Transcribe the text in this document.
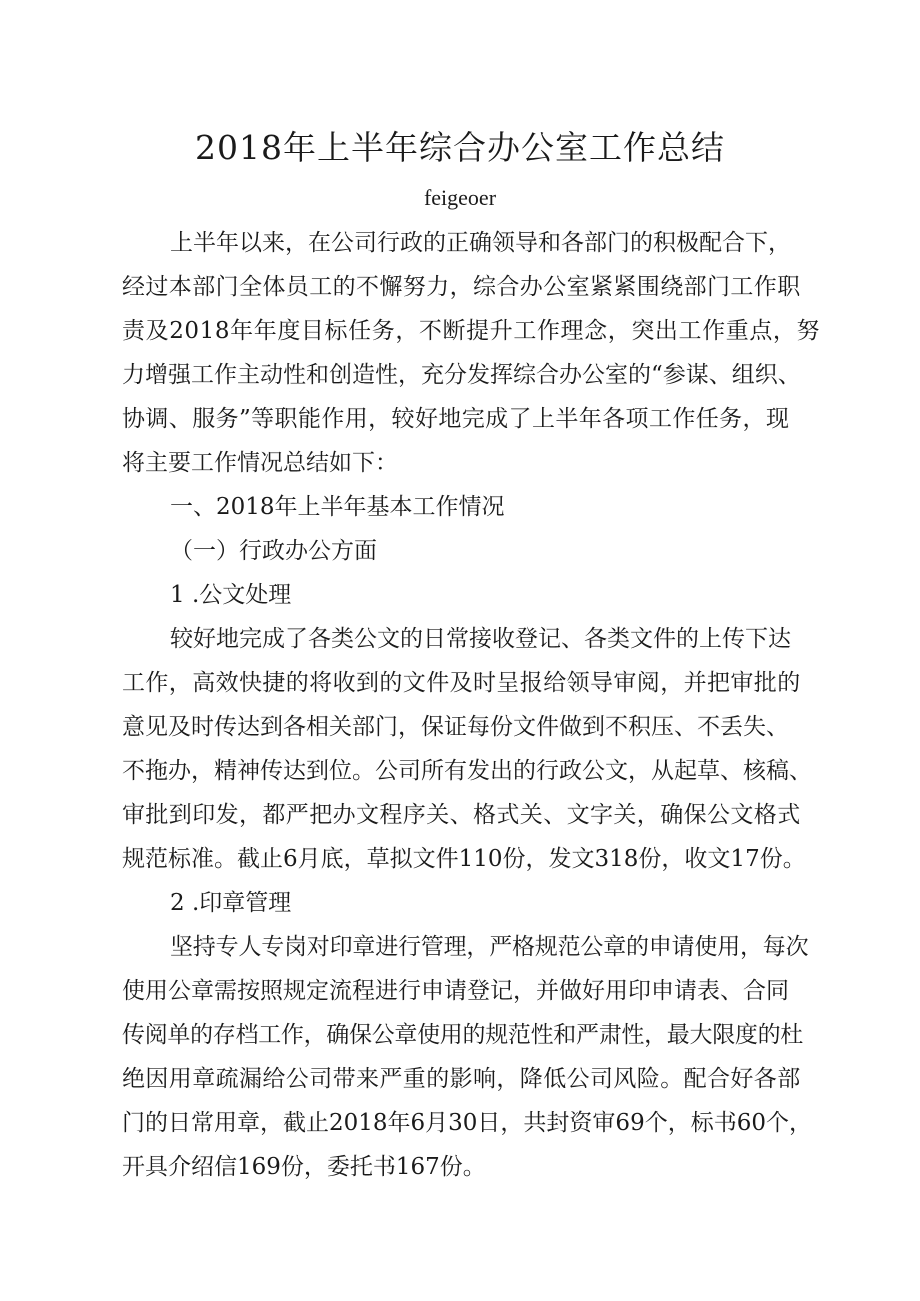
2018年上半年综合办公室工作总结
feigeoer
上半年以来，在公司行政的正确领导和各部门的积极配合下，
经过本部门全体员工的不懈努力，综合办公室紧紧围绕部门工作职
责及2018年年度目标任务，不断提升工作理念，突出工作重点，努
力增强工作主动性和创造性，充分发挥综合办公室的“参谋、组织、
协调、服务”等职能作用，较好地完成了上半年各项工作任务，现
将主要工作情况总结如下：
一、2018年上半年基本工作情况
（一）行政办公方面
1 .公文处理
较好地完成了各类公文的日常接收登记、各类文件的上传下达
工作，高效快捷的将收到的文件及时呈报给领导审阅，并把审批的
意见及时传达到各相关部门，保证每份文件做到不积压、不丢失、
不拖办，精神传达到位。公司所有发出的行政公文，从起草、核稿、
审批到印发，都严把办文程序关、格式关、文字关，确保公文格式
规范标准。截止6月底，草拟文件110份，发文318份，收文17份。
2 .印章管理
坚持专人专岗对印章进行管理，严格规范公章的申请使用，每次
使用公章需按照规定流程进行申请登记，并做好用印申请表、合同
传阅单的存档工作，确保公章使用的规范性和严肃性，最大限度的杜
绝因用章疏漏给公司带来严重的影响，降低公司风险。配合好各部
门的日常用章，截止2018年6月30日，共封资审69个，标书60个，
开具介绍信169份，委托书167份。
